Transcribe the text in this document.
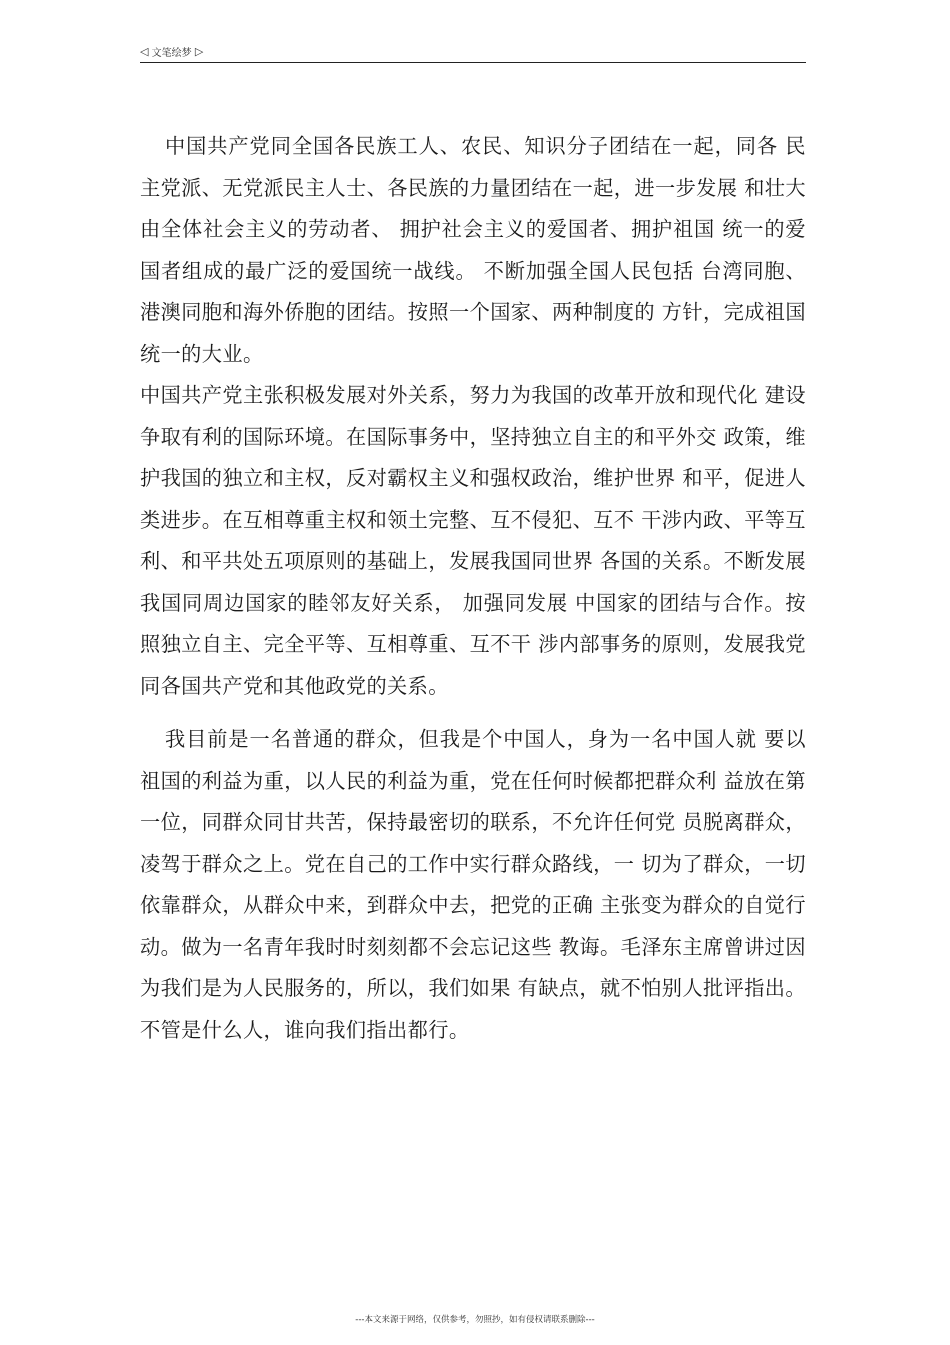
◁ 文笔绘梦 ▷

中国共产党同全国各民族工人、农民、知识分子团结在一起，同各 民主党派、无党派民主人士、各民族的力量团结在一起，进一步发展 和壮大由全体社会主义的劳动者、 拥护社会主义的爱国者、拥护祖国 统一的爱国者组成的最广泛的爱国统一战线。 不断加强全国人民包括 台湾同胞、港澳同胞和海外侨胞的团结。按照一个国家、两种制度的 方针，完成祖国统一的大业。

中国共产党主张积极发展对外关系，努力为我国的改革开放和现代化 建设争取有利的国际环境。在国际事务中，坚持独立自主的和平外交 政策，维护我国的独立和主权，反对霸权主义和强权政治，维护世界 和平，促进人类进步。在互相尊重主权和领土完整、互不侵犯、互不 干涉内政、平等互利、和平共处五项原则的基础上，发展我国同世界 各国的关系。不断发展我国同周边国家的睦邻友好关系， 加强同发展 中国家的团结与合作。按照独立自主、完全平等、互相尊重、互不干 涉内部事务的原则，发展我党同各国共产党和其他政党的关系。

我目前是一名普通的群众，但我是个中国人，身为一名中国人就 要以祖国的利益为重，以人民的利益为重，党在任何时候都把群众利 益放在第一位，同群众同甘共苦，保持最密切的联系，不允许任何党 员脱离群众，凌驾于群众之上。党在自己的工作中实行群众路线，一 切为了群众，一切依靠群众，从群众中来，到群众中去，把党的正确 主张变为群众的自觉行动。做为一名青年我时时刻刻都不会忘记这些 教诲。毛泽东主席曾讲过因为我们是为人民服务的，所以，我们如果 有缺点，就不怕别人批评指出。不管是什么人，谁向我们指出都行。

---本文来源于网络，仅供参考，勿照抄，如有侵权请联系删除---
